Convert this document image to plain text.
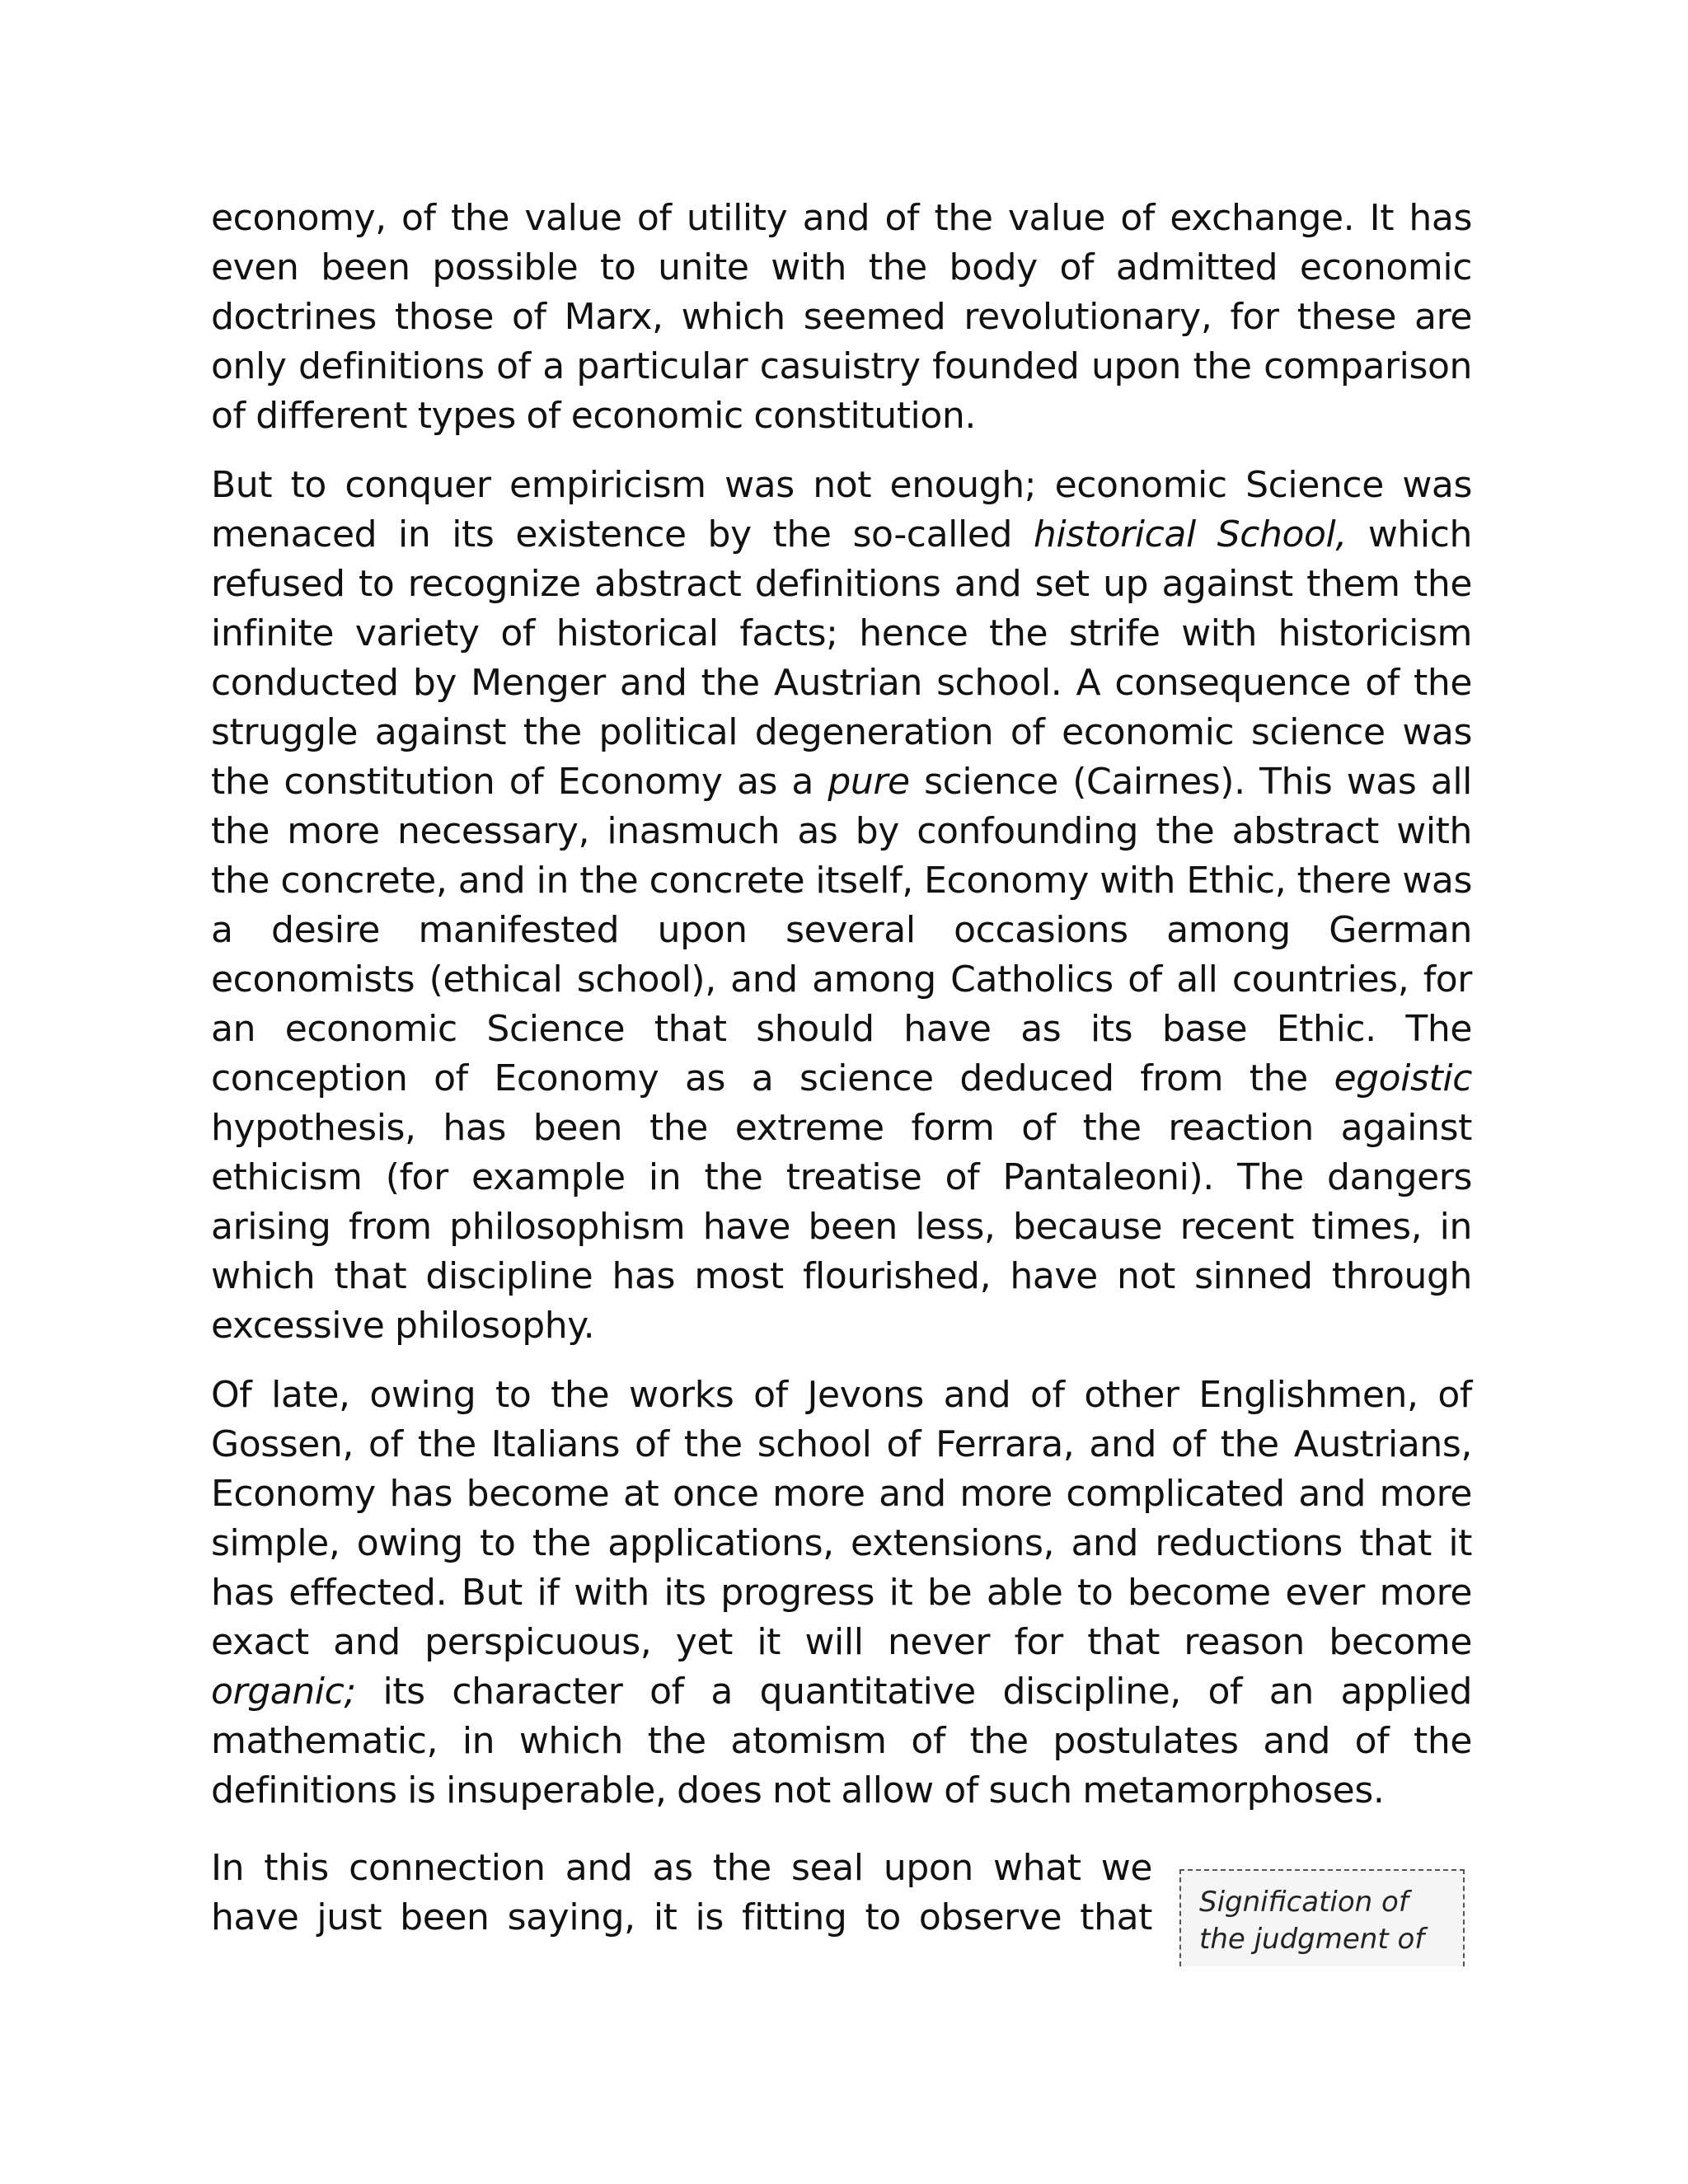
economy, of the value of utility and of the value of exchange. It has even been possible to unite with the body of admitted economic doctrines those of Marx, which seemed revolutionary, for these are only definitions of a particular casuistry founded upon the comparison of different types of economic constitution.

But to conquer empiricism was not enough; economic Science was menaced in its existence by the so-called historical School, which refused to recognize abstract definitions and set up against them the infinite variety of historical facts; hence the strife with historicism conducted by Menger and the Austrian school. A consequence of the struggle against the political degeneration of economic science was the constitution of Economy as a pure science (Cairnes). This was all the more necessary, inasmuch as by confounding the abstract with the concrete, and in the concrete itself, Economy with Ethic, there was a desire manifested upon several occasions among German economists (ethical school), and among Catholics of all countries, for an economic Science that should have as its base Ethic. The conception of Economy as a science deduced from the egoistic hypothesis, has been the extreme form of the reaction against ethicism (for example in the treatise of Pantaleoni). The dangers arising from philosophism have been less, because recent times, in which that discipline has most flourished, have not sinned through excessive philosophy.

Of late, owing to the works of Jevons and of other Englishmen, of Gossen, of the Italians of the school of Ferrara, and of the Austrians, Economy has become at once more and more complicated and more simple, owing to the applications, extensions, and reductions that it has effected. But if with its progress it be able to become ever more exact and perspicuous, yet it will never for that reason become organic; its character of a quantitative discipline, of an applied mathematic, in which the atomism of the postulates and of the definitions is insuperable, does not allow of such metamorphoses.

In this connection and as the seal upon what we have just been saying, it is fitting to observe that Signification of
the judgment of
